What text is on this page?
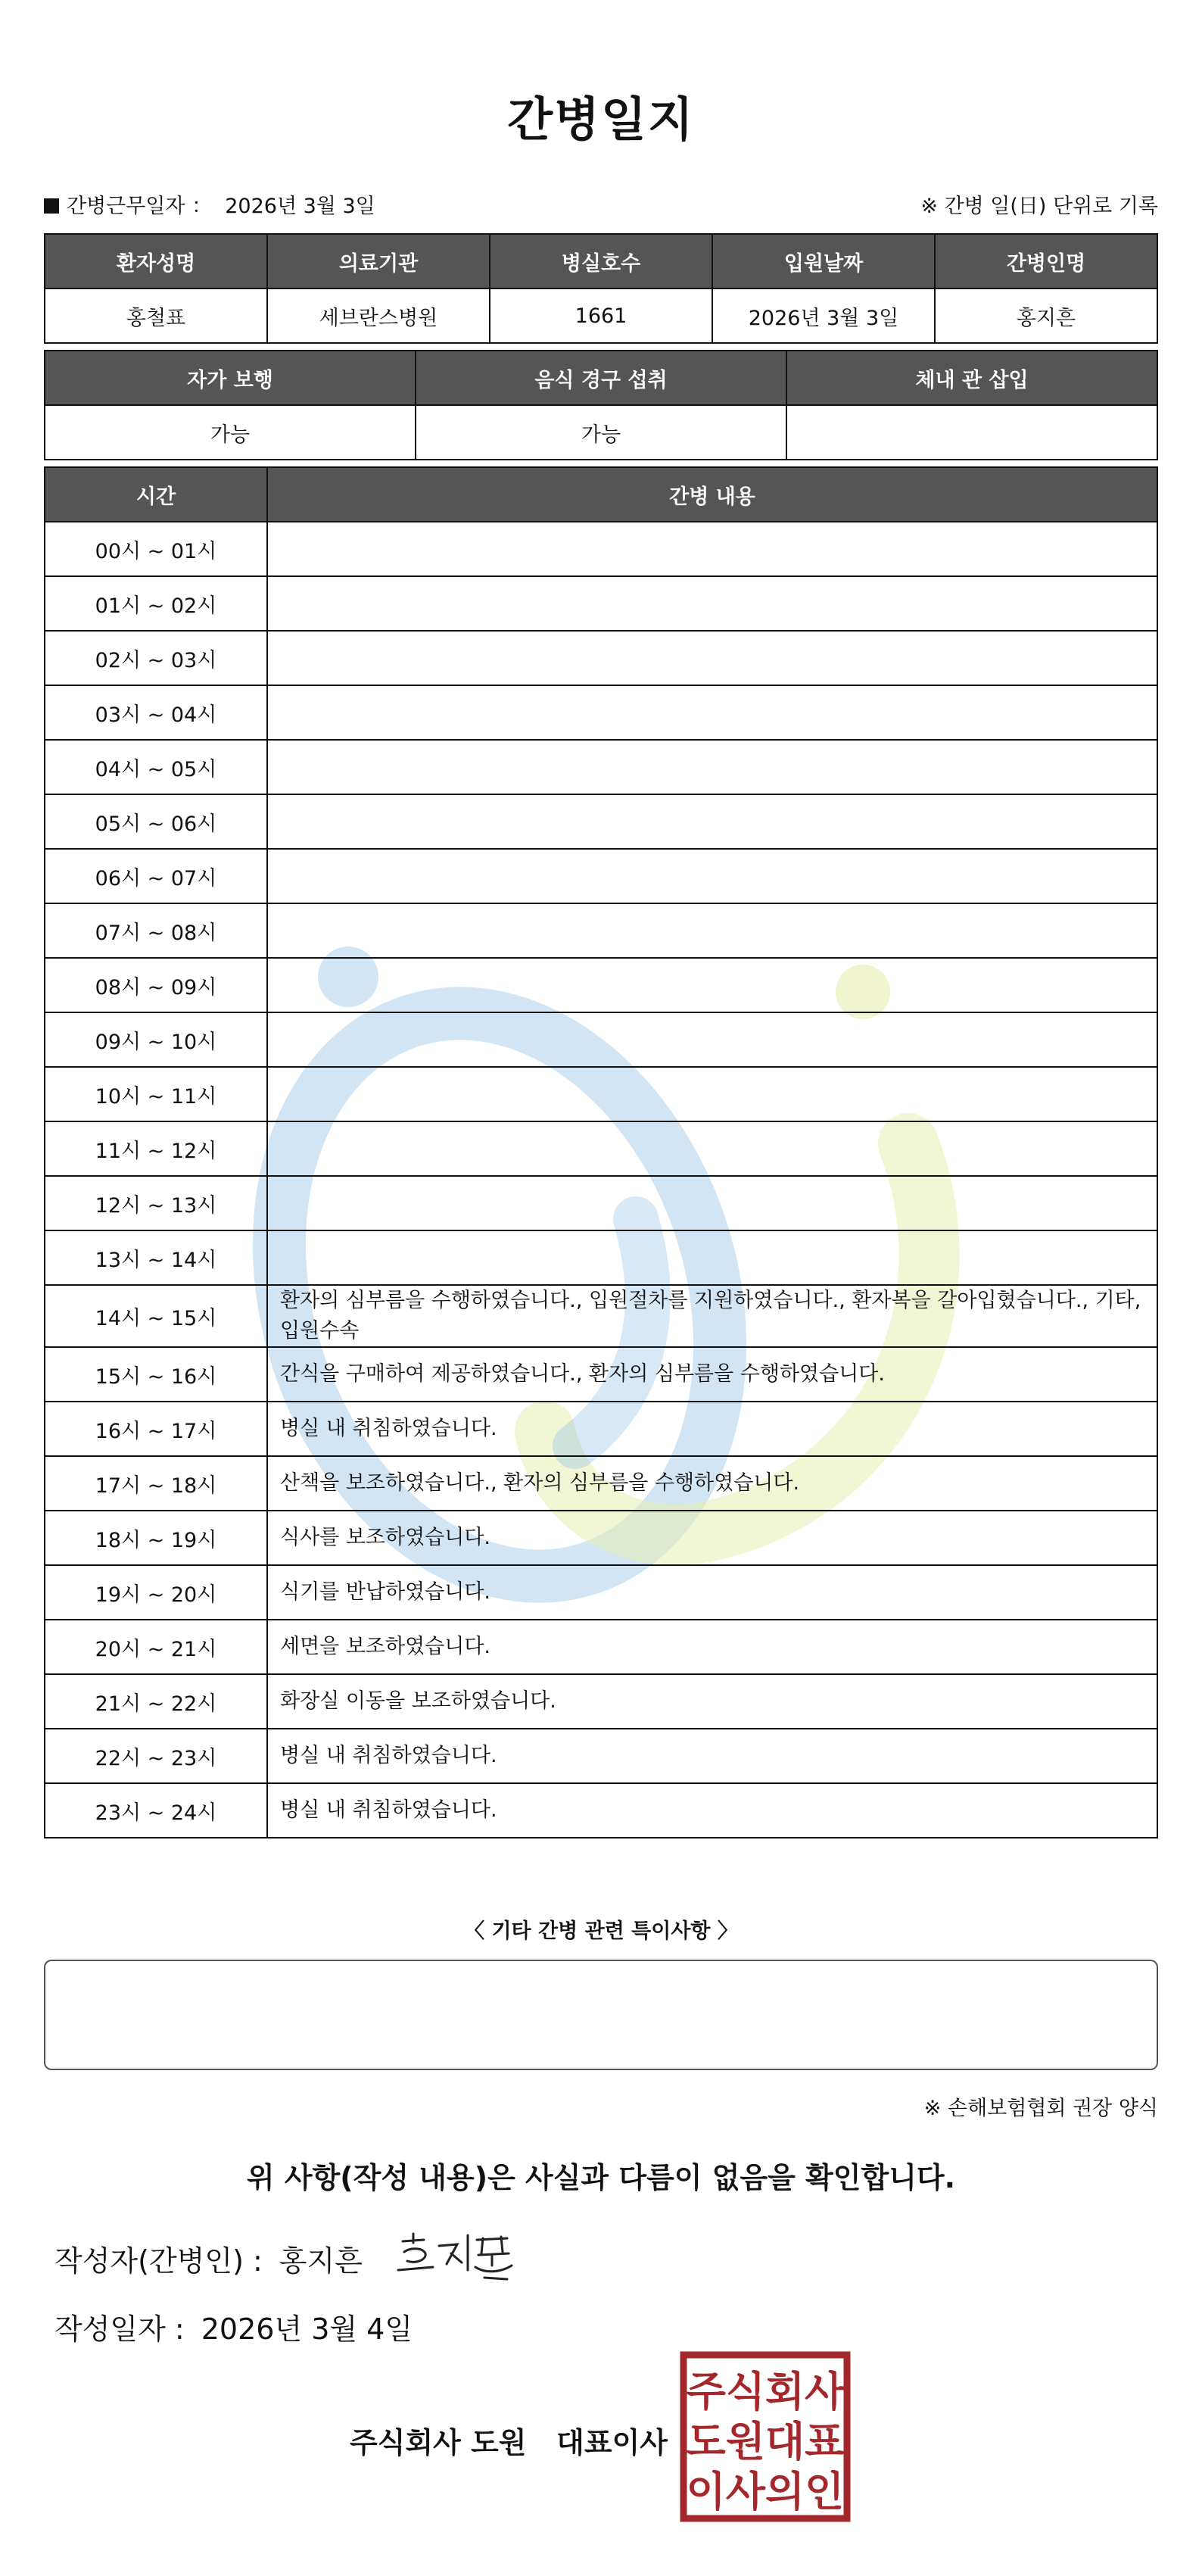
간병일지
간병근무일자 ： 2026년 3월 3일	※ 간병 일(日) 단위로 기록
환자성명	의료기관	병실호수	입원날짜	간병인명
홍철표	세브란스병원	1661	2026년 3월 3일	홍지흔
자가 보행	음식 경구 섭취	체내 관 삽입
가능	가능	
시간	간병 내용
00시 ~ 01시	
01시 ~ 02시	
02시 ~ 03시	
03시 ~ 04시	
04시 ~ 05시	
05시 ~ 06시	
06시 ~ 07시	
07시 ~ 08시	
08시 ~ 09시	
09시 ~ 10시	
10시 ~ 11시	
11시 ~ 12시	
12시 ~ 13시	
13시 ~ 14시	
14시 ~ 15시	환자의 심부름을 수행하였습니다., 입원절차를 지원하였습니다., 환자복을 갈아입혔습니다., 기타, 입원수속
15시 ~ 16시	간식을 구매하여 제공하였습니다., 환자의 심부름을 수행하였습니다.
16시 ~ 17시	병실 내 취침하였습니다.
17시 ~ 18시	산책을 보조하였습니다., 환자의 심부름을 수행하였습니다.
18시 ~ 19시	식사를 보조하였습니다.
19시 ~ 20시	식기를 반납하였습니다.
20시 ~ 21시	세면을 보조하였습니다.
21시 ~ 22시	화장실 이동을 보조하였습니다.
22시 ~ 23시	병실 내 취침하였습니다.
23시 ~ 24시	병실 내 취침하였습니다.
〈 기타 간병 관련 특이사항 〉
※ 손해보험협회 권장 양식
위 사항(작성 내용)은 사실과 다름이 없음을 확인합니다.
작성자(간병인) : 홍지흔
작성일자 : 2026년 3월 4일
주식회사 도원   대표이사
주식회사
도원대표
이사의인
